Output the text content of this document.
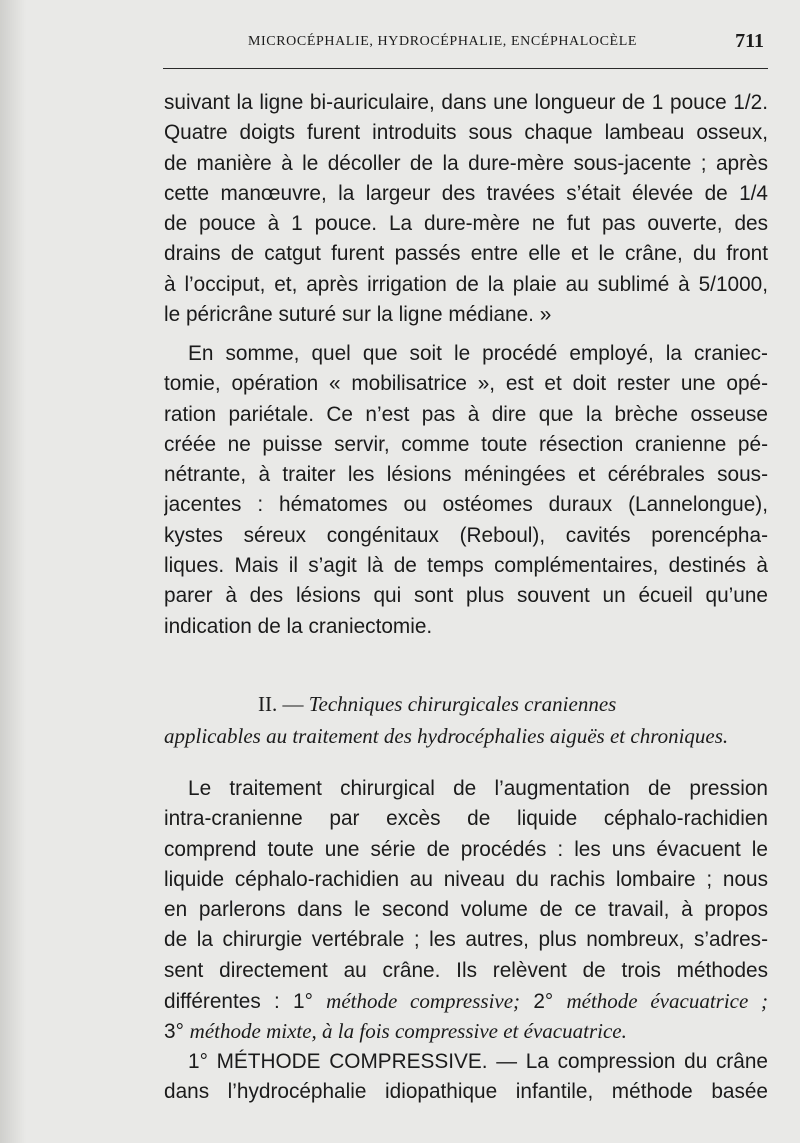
MICROCÉPHALIE, HYDROCÉPHALIE, ENCÉPHALOCÈLE	711
suivant la ligne bi-auriculaire, dans une longueur de 1 pouce 1/2.
Quatre doigts furent introduits sous chaque lambeau osseux,
de manière à le décoller de la dure-mère sous-jacente ; après
cette manœuvre, la largeur des travées s’était élevée de 1/4
de pouce à 1 pouce. La dure-mère ne fut pas ouverte, des
drains de catgut furent passés entre elle et le crâne, du front
à l’occiput, et, après irrigation de la plaie au sublimé à 5/1000,
le péricrâne suturé sur la ligne médiane. »
En somme, quel que soit le procédé employé, la craniec-
tomie, opération « mobilisatrice », est et doit rester une opé-
ration pariétale. Ce n’est pas à dire que la brèche osseuse
créée ne puisse servir, comme toute résection cranienne pé-
nétrante, à traiter les lésions méningées et cérébrales sous-
jacentes : hématomes ou ostéomes duraux (Lannelongue),
kystes séreux congénitaux (Reboul), cavités porencépha-
liques. Mais il s’agit là de temps complémentaires, destinés à
parer à des lésions qui sont plus souvent un écueil qu’une
indication de la craniectomie.
II. — Techniques chirurgicales craniennes
applicables au traitement des hydrocéphalies aiguës et chroniques.
Le traitement chirurgical de l’augmentation de pression
intra-cranienne par excès de liquide céphalo-rachidien
comprend toute une série de procédés : les uns évacuent le
liquide céphalo-rachidien au niveau du rachis lombaire ; nous
en parlerons dans le second volume de ce travail, à propos
de la chirurgie vertébrale ; les autres, plus nombreux, s’adres-
sent directement au crâne. Ils relèvent de trois méthodes
différentes : 1° méthode compressive; 2° méthode évacuatrice ;
3° méthode mixte, à la fois compressive et évacuatrice.
1° MÉTHODE COMPRESSIVE. — La compression du crâne
dans l’hydrocéphalie idiopathique infantile, méthode basée
